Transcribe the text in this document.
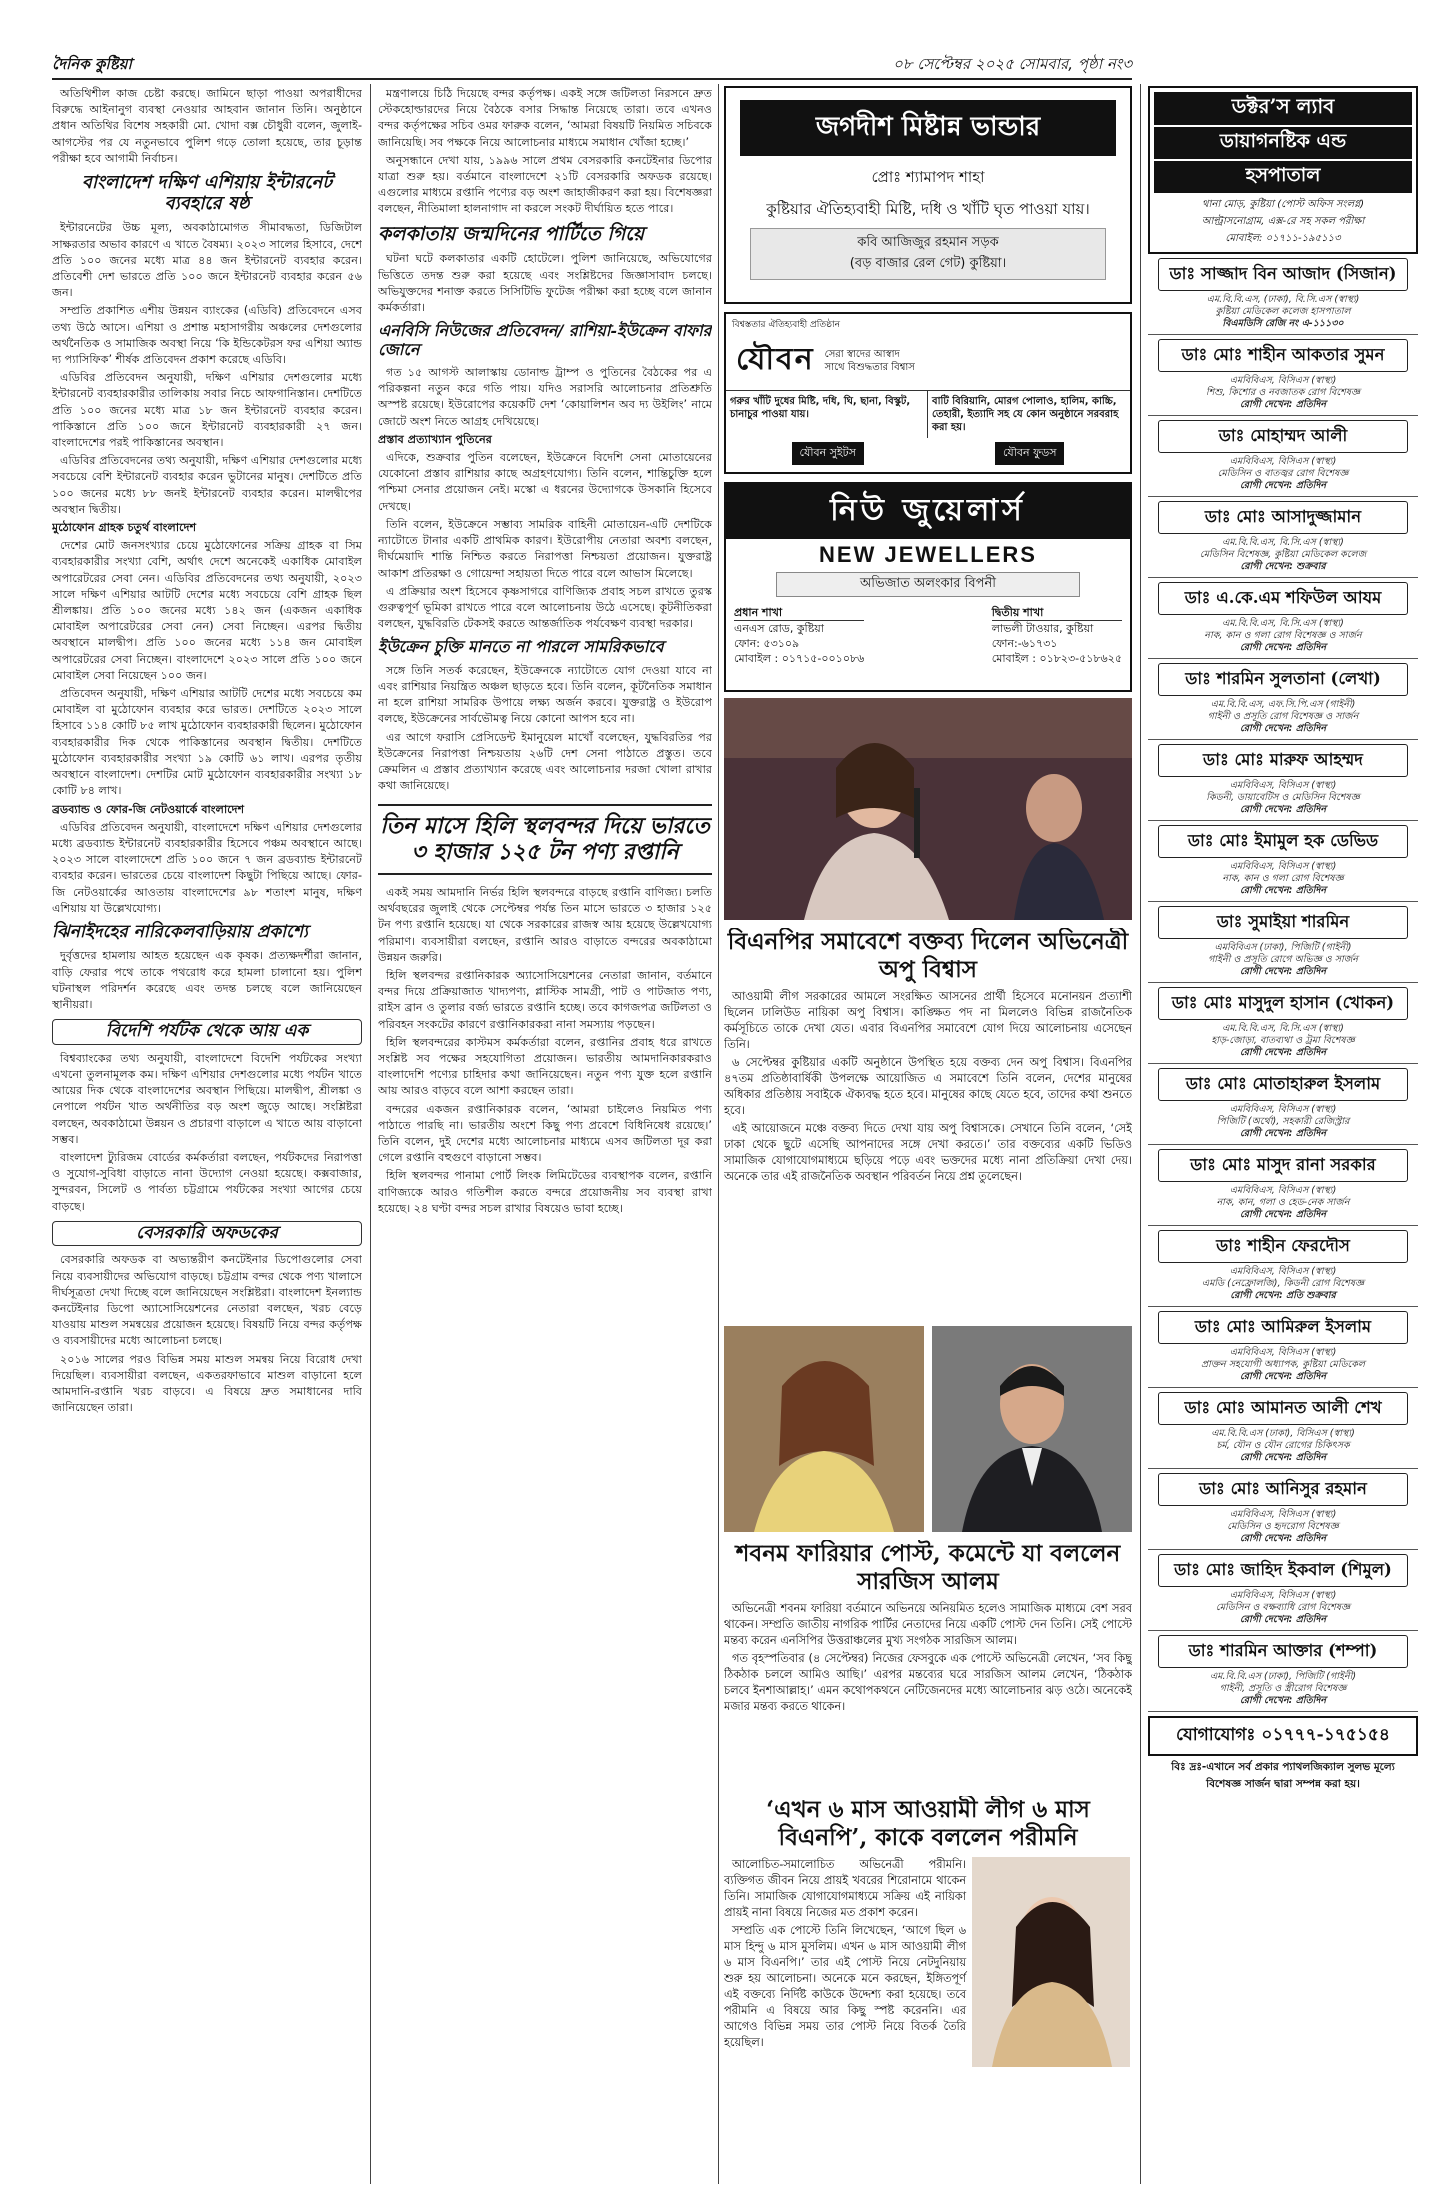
দৈনিক কুষ্টিয়া	০৮ সেপ্টেম্বর ২০২৫ সোমবার, পৃষ্ঠা নং৩

অতিথিশীল কাজ চেষ্টা করছে। জামিনে ছাড়া পাওয়া অপরাধীদের বিরুদ্ধে আইনানুগ ব্যবস্থা নেওয়ার আহবান জানান তিনি। অনুষ্ঠানে প্রধান অতিথির বিশেষ সহকারী মো. খোদা বক্স চৌধুরী বলেন, জুলাই-আগস্টের পর যে নতুনভাবে পুলিশ গড়ে তোলা হয়েছে, তার চূড়ান্ত পরীক্ষা হবে আগামী নির্বাচন।

বাংলাদেশ দক্ষিণ এশিয়ায় ইন্টারনেট ব্যবহারে ষষ্ঠ

ইন্টারনেটের উচ্চ মূল্য, অবকাঠামোগত সীমাবদ্ধতা, ডিজিটাল সাক্ষরতার অভাব কারণে এ খাতে বৈষম্য। ২০২৩ সালের হিসাবে, দেশে প্রতি ১০০ জনের মধ্যে মাত্র ৪৪ জন ইন্টারনেট ব্যবহার করেন। প্রতিবেশী দেশ ভারতে প্রতি ১০০ জনে ইন্টারনেট ব্যবহার করেন ৫৬ জন।

সম্প্রতি প্রকাশিত এশীয় উন্নয়ন ব্যাংকের (এডিবি) প্রতিবেদনে এসব তথ্য উঠে আসে। এশিয়া ও প্রশান্ত মহাসাগরীয় অঞ্চলের দেশগুলোর অর্থনৈতিক ও সামাজিক অবস্থা নিয়ে ‘কি ইন্ডিকেটরস ফর এশিয়া অ্যান্ড দ্য প্যাসিফিক’ শীর্ষক প্রতিবেদন প্রকাশ করেছে এডিবি।

এডিবির প্রতিবেদন অনুযায়ী, দক্ষিণ এশিয়ার দেশগুলোর মধ্যে ইন্টারনেট ব্যবহারকারীর তালিকায় সবার নিচে আফগানিস্তান। দেশটিতে প্রতি ১০০ জনের মধ্যে মাত্র ১৮ জন ইন্টারনেট ব্যবহার করেন। পাকিস্তানে প্রতি ১০০ জনে ইন্টারনেট ব্যবহারকারী ২৭ জন। বাংলাদেশের পরই পাকিস্তানের অবস্থান।

এডিবির প্রতিবেদনের তথ্য অনুযায়ী, দক্ষিণ এশিয়ার দেশগুলোর মধ্যে সবচেয়ে বেশি ইন্টারনেট ব্যবহার করেন ভুটানের মানুষ। দেশটিতে প্রতি ১০০ জনের মধ্যে ৮৮ জনই ইন্টারনেট ব্যবহার করেন। মালদ্বীপের অবস্থান দ্বিতীয়।

মুঠোফোন গ্রাহক চতুর্থ বাংলাদেশ

দেশের মোট জনসংখ্যার চেয়ে মুঠোফোনের সক্রিয় গ্রাহক বা সিম ব্যবহারকারীর সংখ্যা বেশি, অর্থাৎ দেশে অনেকেই একাধিক মোবাইল অপারেটরের সেবা নেন। এডিবির প্রতিবেদনের তথ্য অনুযায়ী, ২০২৩ সালে দক্ষিণ এশিয়ার আটটি দেশের মধ্যে সবচেয়ে বেশি গ্রাহক ছিল শ্রীলঙ্কায়। প্রতি ১০০ জনের মধ্যে ১৪২ জন (একজন একাধিক মোবাইল অপারেটরের সেবা নেন) সেবা নিচ্ছেন। এরপর দ্বিতীয় অবস্থানে মালদ্বীপ। প্রতি ১০০ জনের মধ্যে ১১৪ জন মোবাইল অপারেটরের সেবা নিচ্ছেন। বাংলাদেশে ২০২৩ সালে প্রতি ১০০ জনে মোবাইল সেবা নিয়েছেন ১০০ জন।

প্রতিবেদন অনুযায়ী, দক্ষিণ এশিয়ার আটটি দেশের মধ্যে সবচেয়ে কম মোবাইল বা মুঠোফোন ব্যবহার করে ভারত। দেশটিতে ২০২৩ সালে হিসাবে ১১৪ কোটি ৮৫ লাখ মুঠোফোন ব্যবহারকারী ছিলেন। মুঠোফোন ব্যবহারকারীর দিক থেকে পাকিস্তানের অবস্থান দ্বিতীয়। দেশটিতে মুঠোফোন ব্যবহারকারীর সংখ্যা ১৯ কোটি ৬১ লাখ। এরপর তৃতীয় অবস্থানে বাংলাদেশ। দেশটির মোট মুঠোফোন ব্যবহারকারীর সংখ্যা ১৮ কোটি ৮৪ লাখ।

ব্রডব্যান্ড ও ফোর-জি নেটওয়ার্কে বাংলাদেশ

এডিবির প্রতিবেদন অনুযায়ী, বাংলাদেশে দক্ষিণ এশিয়ার দেশগুলোর মধ্যে ব্রডব্যান্ড ইন্টারনেট ব্যবহারকারীর হিসেবে পঞ্চম অবস্থানে আছে। ২০২৩ সালে বাংলাদেশে প্রতি ১০০ জনে ৭ জন ব্রডব্যান্ড ইন্টারনেট ব্যবহার করেন। ভারতের চেয়ে বাংলাদেশ কিছুটা পিছিয়ে আছে। ফোর-জি নেটওয়ার্কের আওতায় বাংলাদেশের ৯৮ শতাংশ মানুষ, দক্ষিণ এশিয়ায় যা উল্লেখযোগ্য।

ঝিনাইদহের নারিকেলবাড়িয়ায় প্রকাশ্যে

দুর্বৃত্তদের হামলায় আহত হয়েছেন এক কৃষক। প্রত্যক্ষদর্শীরা জানান, বাড়ি ফেরার পথে তাকে পথরোধ করে হামলা চালানো হয়। পুলিশ ঘটনাস্থল পরিদর্শন করেছে এবং তদন্ত চলছে বলে জানিয়েছেন স্থানীয়রা।

বিদেশি পর্যটক থেকে আয় এক

বিশ্বব্যাংকের তথ্য অনুযায়ী, বাংলাদেশে বিদেশি পর্যটকের সংখ্যা এখনো তুলনামূলক কম। দক্ষিণ এশিয়ার দেশগুলোর মধ্যে পর্যটন খাতে আয়ের দিক থেকে বাংলাদেশের অবস্থান পিছিয়ে। মালদ্বীপ, শ্রীলঙ্কা ও নেপালে পর্যটন খাত অর্থনীতির বড় অংশ জুড়ে আছে। সংশ্লিষ্টরা বলছেন, অবকাঠামো উন্নয়ন ও প্রচারণা বাড়ালে এ খাতে আয় বাড়ানো সম্ভব।

বাংলাদেশ ট্যুরিজম বোর্ডের কর্মকর্তারা বলছেন, পর্যটকদের নিরাপত্তা ও সুযোগ-সুবিধা বাড়াতে নানা উদ্যোগ নেওয়া হয়েছে। কক্সবাজার, সুন্দরবন, সিলেট ও পার্বত্য চট্টগ্রামে পর্যটকের সংখ্যা আগের চেয়ে বাড়ছে।

বেসরকারি অফডকের

বেসরকারি অফডক বা অভ্যন্তরীণ কনটেইনার ডিপোগুলোর সেবা নিয়ে ব্যবসায়ীদের অভিযোগ বাড়ছে। চট্টগ্রাম বন্দর থেকে পণ্য খালাসে দীর্ঘসূত্রতা দেখা দিচ্ছে বলে জানিয়েছেন সংশ্লিষ্টরা। বাংলাদেশ ইনল্যান্ড কনটেইনার ডিপো অ্যাসোসিয়েশনের নেতারা বলছেন, খরচ বেড়ে যাওয়ায় মাশুল সমন্বয়ের প্রয়োজন হয়েছে। বিষয়টি নিয়ে বন্দর কর্তৃপক্ষ ও ব্যবসায়ীদের মধ্যে আলোচনা চলছে।

২০১৬ সালের পরও বিভিন্ন সময় মাশুল সমন্বয় নিয়ে বিরোধ দেখা দিয়েছিল। ব্যবসায়ীরা বলছেন, একতরফাভাবে মাশুল বাড়ানো হলে আমদানি-রপ্তানি খরচ বাড়বে। এ বিষয়ে দ্রুত সমাধানের দাবি জানিয়েছেন তারা।

মন্ত্রণালয়ে চিঠি দিয়েছে বন্দর কর্তৃপক্ষ। একই সঙ্গে জটিলতা নিরসনে দ্রুত স্টেকহোল্ডারদের নিয়ে বৈঠকে বসার সিদ্ধান্ত নিয়েছে তারা। তবে এখনও বন্দর কর্তৃপক্ষের সচিব ওমর ফারুক বলেন, ‘আমরা বিষয়টি নিয়মিত সচিবকে জানিয়েছি। সব পক্ষকে নিয়ে আলোচনার মাধ্যমে সমাধান খোঁজা হচ্ছে।’

অনুসন্ধানে দেখা যায়, ১৯৯৬ সালে প্রথম বেসরকারি কনটেইনার ডিপোর যাত্রা শুরু হয়। বর্তমানে বাংলাদেশে ২১টি বেসরকারি অফডক রয়েছে। এগুলোর মাধ্যমে রপ্তানি পণ্যের বড় অংশ জাহাজীকরণ করা হয়। বিশেষজ্ঞরা বলছেন, নীতিমালা হালনাগাদ না করলে সংকট দীর্ঘায়িত হতে পারে।

কলকাতায় জন্মদিনের পার্টিতে গিয়ে

ঘটনা ঘটে কলকাতার একটি হোটেলে। পুলিশ জানিয়েছে, অভিযোগের ভিত্তিতে তদন্ত শুরু করা হয়েছে এবং সংশ্লিষ্টদের জিজ্ঞাসাবাদ চলছে। অভিযুক্তদের শনাক্ত করতে সিসিটিভি ফুটেজ পরীক্ষা করা হচ্ছে বলে জানান কর্মকর্তারা।

এনবিসি নিউজের প্রতিবেদন/ রাশিয়া-ইউক্রেন বাফার জোনে

গত ১৫ আগস্ট আলাস্কায় ডোনাল্ড ট্রাম্প ও পুতিনের বৈঠকের পর এ পরিকল্পনা নতুন করে গতি পায়। যদিও সরাসরি আলোচনার প্রতিশ্রুতি অস্পষ্ট রয়েছে। ইউরোপের কয়েকটি দেশ ‘কোয়ালিশন অব দ্য উইলিং’ নামে জোটে অংশ নিতে আগ্রহ দেখিয়েছে।

প্রস্তাব প্রত্যাখ্যান পুতিনের

এদিকে, শুক্রবার পুতিন বলেছেন, ইউক্রেনে বিদেশি সেনা মোতায়েনের যেকোনো প্রস্তাব রাশিয়ার কাছে অগ্রহণযোগ্য। তিনি বলেন, শান্তিচুক্তি হলে পশ্চিমা সেনার প্রয়োজন নেই। মস্কো এ ধরনের উদ্যোগকে উসকানি হিসেবে দেখছে।

তিনি বলেন, ইউক্রেনে সম্ভাব্য সামরিক বাহিনী মোতায়েন-এটি দেশটিকে ন্যাটোতে টানার একটি প্রাথমিক কারণ। ইউরোপীয় নেতারা অবশ্য বলছেন, দীর্ঘমেয়াদি শান্তি নিশ্চিত করতে নিরাপত্তা নিশ্চয়তা প্রয়োজন। যুক্তরাষ্ট্র আকাশ প্রতিরক্ষা ও গোয়েন্দা সহায়তা দিতে পারে বলে আভাস মিলেছে।

এ প্রক্রিয়ার অংশ হিসেবে কৃষ্ণসাগরে বাণিজ্যিক প্রবাহ সচল রাখতে তুরস্ক গুরুত্বপূর্ণ ভূমিকা রাখতে পারে বলে আলোচনায় উঠে এসেছে। কূটনীতিকরা বলছেন, যুদ্ধবিরতি টেকসই করতে আন্তর্জাতিক পর্যবেক্ষণ ব্যবস্থা দরকার।

ইউক্রেন চুক্তি মানতে না পারলে সামরিকভাবে

সঙ্গে তিনি সতর্ক করেছেন, ইউক্রেনকে ন্যাটোতে যোগ দেওয়া যাবে না এবং রাশিয়ার নিয়ন্ত্রিত অঞ্চল ছাড়তে হবে। তিনি বলেন, কূটনৈতিক সমাধান না হলে রাশিয়া সামরিক উপায়ে লক্ষ্য অর্জন করবে। যুক্তরাষ্ট্র ও ইউরোপ বলছে, ইউক্রেনের সার্বভৌমত্ব নিয়ে কোনো আপস হবে না।

এর আগে ফরাসি প্রেসিডেন্ট ইমানুয়েল মাখোঁ বলেছেন, যুদ্ধবিরতির পর ইউক্রেনের নিরাপত্তা নিশ্চয়তায় ২৬টি দেশ সেনা পাঠাতে প্রস্তুত। তবে ক্রেমলিন এ প্রস্তাব প্রত্যাখ্যান করেছে এবং আলোচনার দরজা খোলা রাখার কথা জানিয়েছে।

তিন মাসে হিলি স্থলবন্দর দিয়ে ভারতে ৩ হাজার ১২৫ টন পণ্য রপ্তানি

একই সময় আমদানি নির্ভর হিলি স্থলবন্দরে বাড়ছে রপ্তানি বাণিজ্য। চলতি অর্থবছরের জুলাই থেকে সেপ্টেম্বর পর্যন্ত তিন মাসে ভারতে ৩ হাজার ১২৫ টন পণ্য রপ্তানি হয়েছে। যা থেকে সরকারের রাজস্ব আয় হয়েছে উল্লেখযোগ্য পরিমাণ। ব্যবসায়ীরা বলছেন, রপ্তানি আরও বাড়াতে বন্দরের অবকাঠামো উন্নয়ন জরুরি।

হিলি স্থলবন্দর রপ্তানিকারক অ্যাসোসিয়েশনের নেতারা জানান, বর্তমানে বন্দর দিয়ে প্রক্রিয়াজাত খাদ্যপণ্য, প্লাস্টিক সামগ্রী, পাট ও পাটজাত পণ্য, রাইস ব্রান ও তুলার বর্জ্য ভারতে রপ্তানি হচ্ছে। তবে কাগজপত্র জটিলতা ও পরিবহন সংকটের কারণে রপ্তানিকারকরা নানা সমস্যায় পড়ছেন।

হিলি স্থলবন্দরের কাস্টমস কর্মকর্তারা বলেন, রপ্তানির প্রবাহ ধরে রাখতে সংশ্লিষ্ট সব পক্ষের সহযোগিতা প্রয়োজন। ভারতীয় আমদানিকারকরাও বাংলাদেশি পণ্যের চাহিদার কথা জানিয়েছেন। নতুন পণ্য যুক্ত হলে রপ্তানি আয় আরও বাড়বে বলে আশা করছেন তারা।

বন্দরের একজন রপ্তানিকারক বলেন, ‘আমরা চাইলেও নিয়মিত পণ্য পাঠাতে পারছি না। ভারতীয় অংশে কিছু পণ্য প্রবেশে বিধিনিষেধ রয়েছে।’ তিনি বলেন, দুই দেশের মধ্যে আলোচনার মাধ্যমে এসব জটিলতা দূর করা গেলে রপ্তানি বহুগুণে বাড়ানো সম্ভব।

হিলি স্থলবন্দর পানামা পোর্ট লিংক লিমিটেডের ব্যবস্থাপক বলেন, রপ্তানি বাণিজ্যকে আরও গতিশীল করতে বন্দরে প্রয়োজনীয় সব ব্যবস্থা রাখা হয়েছে। ২৪ ঘণ্টা বন্দর সচল রাখার বিষয়েও ভাবা হচ্ছে।

জগদীশ মিষ্টান্ন ভান্ডার
প্রোঃ শ্যামাপদ শাহা
কুষ্টিয়ার ঐতিহ্যবাহী মিষ্টি, দধি ও খাঁটি ঘৃত পাওয়া যায়।
কবি আজিজুর রহমান সড়ক
(বড় বাজার রেল গেট) কুষ্টিয়া।
বিশ্বস্ততার ঐতিহ্যবাহী প্রতিষ্ঠান
যৌবন সেরা স্বাদের আস্বাদ
সাথে বিশুদ্ধতার বিশ্বাস
গরুর খাঁটি দুধের মিষ্টি, দধি, ঘি, ছানা, বিস্কুট, চানাচুর পাওয়া যায়।
বাটি বিরিয়ানি, মোরগ পোলাও, হালিম, কাচ্চি, তেহারী, ইত্যাদি সহ যে কোন অনুষ্ঠানে সরবরাহ করা হয়।
যৌবন সুইটস	যৌবন ফুডস
নিউ জুয়েলার্স
NEW JEWELLERS
অভিজাত অলংকার বিপনী
প্রধান শাখা
এনএস রোড, কুষ্টিয়া
ফোন: ৫৩১০৯
মোবাইল : ০১৭১৫-০০১০৮৬
দ্বিতীয় শাখা
লাভলী টাওয়ার, কুষ্টিয়া
ফোন:-৬১৭৩১
মোবাইল : ০১৮২৩-৫১৮৬২৫
বিএনপির সমাবেশে বক্তব্য দিলেন অভিনেত্রী অপু বিশ্বাস

আওয়ামী লীগ সরকারের আমলে সংরক্ষিত আসনের প্রার্থী হিসেবে মনোনয়ন প্রত্যাশী ছিলেন ঢালিউড নায়িকা অপু বিশ্বাস। কাঙ্ক্ষিত পদ না মিললেও বিভিন্ন রাজনৈতিক কর্মসূচিতে তাকে দেখা যেত। এবার বিএনপির সমাবেশে যোগ দিয়ে আলোচনায় এসেছেন তিনি।

৬ সেপ্টেম্বর কুষ্টিয়ার একটি অনুষ্ঠানে উপস্থিত হয়ে বক্তব্য দেন অপু বিশ্বাস। বিএনপির ৪৭তম প্রতিষ্ঠাবার্ষিকী উপলক্ষে আয়োজিত এ সমাবেশে তিনি বলেন, দেশের মানুষের অধিকার প্রতিষ্ঠায় সবাইকে ঐক্যবদ্ধ হতে হবে। মানুষের কাছে যেতে হবে, তাদের কথা শুনতে হবে।

এই আয়োজনে মঞ্চে বক্তব্য দিতে দেখা যায় অপু বিশ্বাসকে। সেখানে তিনি বলেন, ‘সেই ঢাকা থেকে ছুটে এসেছি আপনাদের সঙ্গে দেখা করতে।’ তার বক্তব্যের একটি ভিডিও সামাজিক যোগাযোগমাধ্যমে ছড়িয়ে পড়ে এবং ভক্তদের মধ্যে নানা প্রতিক্রিয়া দেখা দেয়। অনেকে তার এই রাজনৈতিক অবস্থান পরিবর্তন নিয়ে প্রশ্ন তুলেছেন।

শবনম ফারিয়ার পোস্ট, কমেন্টে যা বললেন সারজিস আলম

অভিনেত্রী শবনম ফারিয়া বর্তমানে অভিনয়ে অনিয়মিত হলেও সামাজিক মাধ্যমে বেশ সরব থাকেন। সম্প্রতি জাতীয় নাগরিক পার্টির নেতাদের নিয়ে একটি পোস্ট দেন তিনি। সেই পোস্টে মন্তব্য করেন এনসিপির উত্তরাঞ্চলের মুখ্য সংগঠক সারজিস আলম।

গত বৃহস্পতিবার (৪ সেপ্টেম্বর) নিজের ফেসবুকে এক পোস্টে অভিনেত্রী লেখেন, ‘সব কিছু ঠিকঠাক চললে আমিও আছি।’ এরপর মন্তব্যের ঘরে সারজিস আলম লেখেন, ‘ঠিকঠাক চলবে ইনশাআল্লাহ।’ এমন কথোপকথনে নেটিজেনদের মধ্যে আলোচনার ঝড় ওঠে। অনেকেই মজার মন্তব্য করতে থাকেন।

‘এখন ৬ মাস আওয়ামী লীগ ৬ মাস বিএনপি’, কাকে বললেন পরীমনি

আলোচিত-সমালোচিত অভিনেত্রী পরীমনি। ব্যক্তিগত জীবন নিয়ে প্রায়ই খবরের শিরোনামে থাকেন তিনি। সামাজিক যোগাযোগমাধ্যমে সক্রিয় এই নায়িকা প্রায়ই নানা বিষয়ে নিজের মত প্রকাশ করেন।

সম্প্রতি এক পোস্টে তিনি লিখেছেন, ‘আগে ছিল ৬ মাস হিন্দু ৬ মাস মুসলিম। এখন ৬ মাস আওয়ামী লীগ ৬ মাস বিএনপি।’ তার এই পোস্ট নিয়ে নেটদুনিয়ায় শুরু হয় আলোচনা। অনেকে মনে করছেন, ইঙ্গিতপূর্ণ এই বক্তব্যে নির্দিষ্ট কাউকে উদ্দেশ্য করা হয়েছে। তবে পরীমনি এ বিষয়ে আর কিছু স্পষ্ট করেননি। এর আগেও বিভিন্ন সময় তার পোস্ট নিয়ে বিতর্ক তৈরি হয়েছিল।

ডক্টর’স ল্যাব
ডায়াগনষ্টিক এন্ড
হসপাতাল
থানা মোড়, কুষ্টিয়া (পোস্ট অফিস সংলগ্ন)
আল্ট্রাসনোগ্রাম, এক্স-রে সহ সকল পরীক্ষা
মোবাইল: ০১৭১১-১৯৫১১৩
ডাঃ সাজ্জাদ বিন আজাদ (সিজান)
এম.বি.বি.এস, (ঢাকা), বি.সি.এস (স্বাস্থ্য)
কুষ্টিয়া মেডিকেল কলেজ হাসপাতাল
বিএমডিসি রেজি নং এ-১১১৩০
ডাঃ মোঃ শাহীন আকতার সুমন
এমবিবিএস, বিসিএস (স্বাস্থ্য)
শিশু, কিশোর ও নবজাতক রোগ বিশেষজ্ঞ
রোগী দেখেন: প্রতিদিন
ডাঃ মোহাম্মদ আলী
এমবিবিএস, বিসিএস (স্বাস্থ্য)
মেডিসিন ও বাতজ্বর রোগ বিশেষজ্ঞ
রোগী দেখেন: প্রতিদিন
ডাঃ মোঃ আসাদুজ্জামান
এম.বি.বি.এস, বি.সি.এস (স্বাস্থ্য)
মেডিসিন বিশেষজ্ঞ, কুষ্টিয়া মেডিকেল কলেজ
রোগী দেখেন: শুক্রবার
ডাঃ এ.কে.এম শফিউল আযম
এম.বি.বি.এস, বি.সি.এস (স্বাস্থ্য)
নাক, কান ও গলা রোগ বিশেষজ্ঞ ও সার্জন
রোগী দেখেন: প্রতিদিন
ডাঃ শারমিন সুলতানা (লেখা)
এম.বি.বি.এস, এফ.সি.পি.এস (গাইনী)
গাইনী ও প্রসূতি রোগ বিশেষজ্ঞ ও সার্জন
রোগী দেখেন: প্রতিদিন
ডাঃ মোঃ মারুফ আহম্মদ
এমবিবিএস, বিসিএস (স্বাস্থ্য)
কিডনী, ডায়াবেটিস ও মেডিসিন বিশেষজ্ঞ
রোগী দেখেন: প্রতিদিন
ডাঃ মোঃ ইমামুল হক ডেভিড
এমবিবিএস, বিসিএস (স্বাস্থ্য)
নাক, কান ও গলা রোগ বিশেষজ্ঞ
রোগী দেখেন: প্রতিদিন
ডাঃ সুমাইয়া শারমিন
এমবিবিএস (ঢাকা), পিজিটি (গাইনী)
গাইনী ও প্রসূতি রোগে অভিজ্ঞ ও সার্জন
রোগী দেখেন: প্রতিদিন
ডাঃ মোঃ মাসুদুল হাসান (খোকন)
এম.বি.বি.এস, বি.সি.এস (স্বাস্থ্য)
হাড়-জোড়া, বাতব্যথা ও ট্রমা বিশেষজ্ঞ
রোগী দেখেন: প্রতিদিন
ডাঃ মোঃ মোতাহারুল ইসলাম
এমবিবিএস, বিসিএস (স্বাস্থ্য)
পিজিটি (অর্থো), সহকারী রেজিস্ট্রার
রোগী দেখেন: প্রতিদিন
ডাঃ মোঃ মাসুদ রানা সরকার
এমবিবিএস, বিসিএস (স্বাস্থ্য)
নাক, কান, গলা ও হেড-নেক সার্জন
রোগী দেখেন: প্রতিদিন
ডাঃ শাহীন ফেরদৌস
এমবিবিএস, বিসিএস (স্বাস্থ্য)
এমডি (নেফ্রোলজি), কিডনী রোগ বিশেষজ্ঞ
রোগী দেখেন: প্রতি শুক্রবার
ডাঃ মোঃ আমিরুল ইসলাম
এমবিবিএস, বিসিএস (স্বাস্থ্য)
প্রাক্তন সহযোগী অধ্যাপক, কুষ্টিয়া মেডিকেল
রোগী দেখেন: প্রতিদিন
ডাঃ মোঃ আমানত আলী শেখ
এম.বি.বি.এস (ঢাকা), বিসিএস (স্বাস্থ্য)
চর্ম, যৌন ও যৌন রোগের চিকিৎসক
রোগী দেখেন: প্রতিদিন
ডাঃ মোঃ আনিসুর রহমান
এমবিবিএস, বিসিএস (স্বাস্থ্য)
মেডিসিন ও হৃদরোগ বিশেষজ্ঞ
রোগী দেখেন: প্রতিদিন
ডাঃ মোঃ জাহিদ ইকবাল (শিমুল)
এমবিবিএস, বিসিএস (স্বাস্থ্য)
মেডিসিন ও বক্ষব্যাধি রোগ বিশেষজ্ঞ
রোগী দেখেন: প্রতিদিন
ডাঃ শারমিন আক্তার (শম্পা)
এম.বি.বি.এস (ঢাকা), পিজিটি (গাইনী)
গাইনী, প্রসূতি ও স্ত্রীরোগ বিশেষজ্ঞ
রোগী দেখেন: প্রতিদিন
যোগাযোগঃ ০১৭৭৭-১৭৫১৫৪
বিঃ দ্রঃ-এখানে সর্ব প্রকার প্যাথলজিক্যাল সুলভ মূল্যে বিশেষজ্ঞ সার্জন দ্বারা সম্পন্ন করা হয়।
